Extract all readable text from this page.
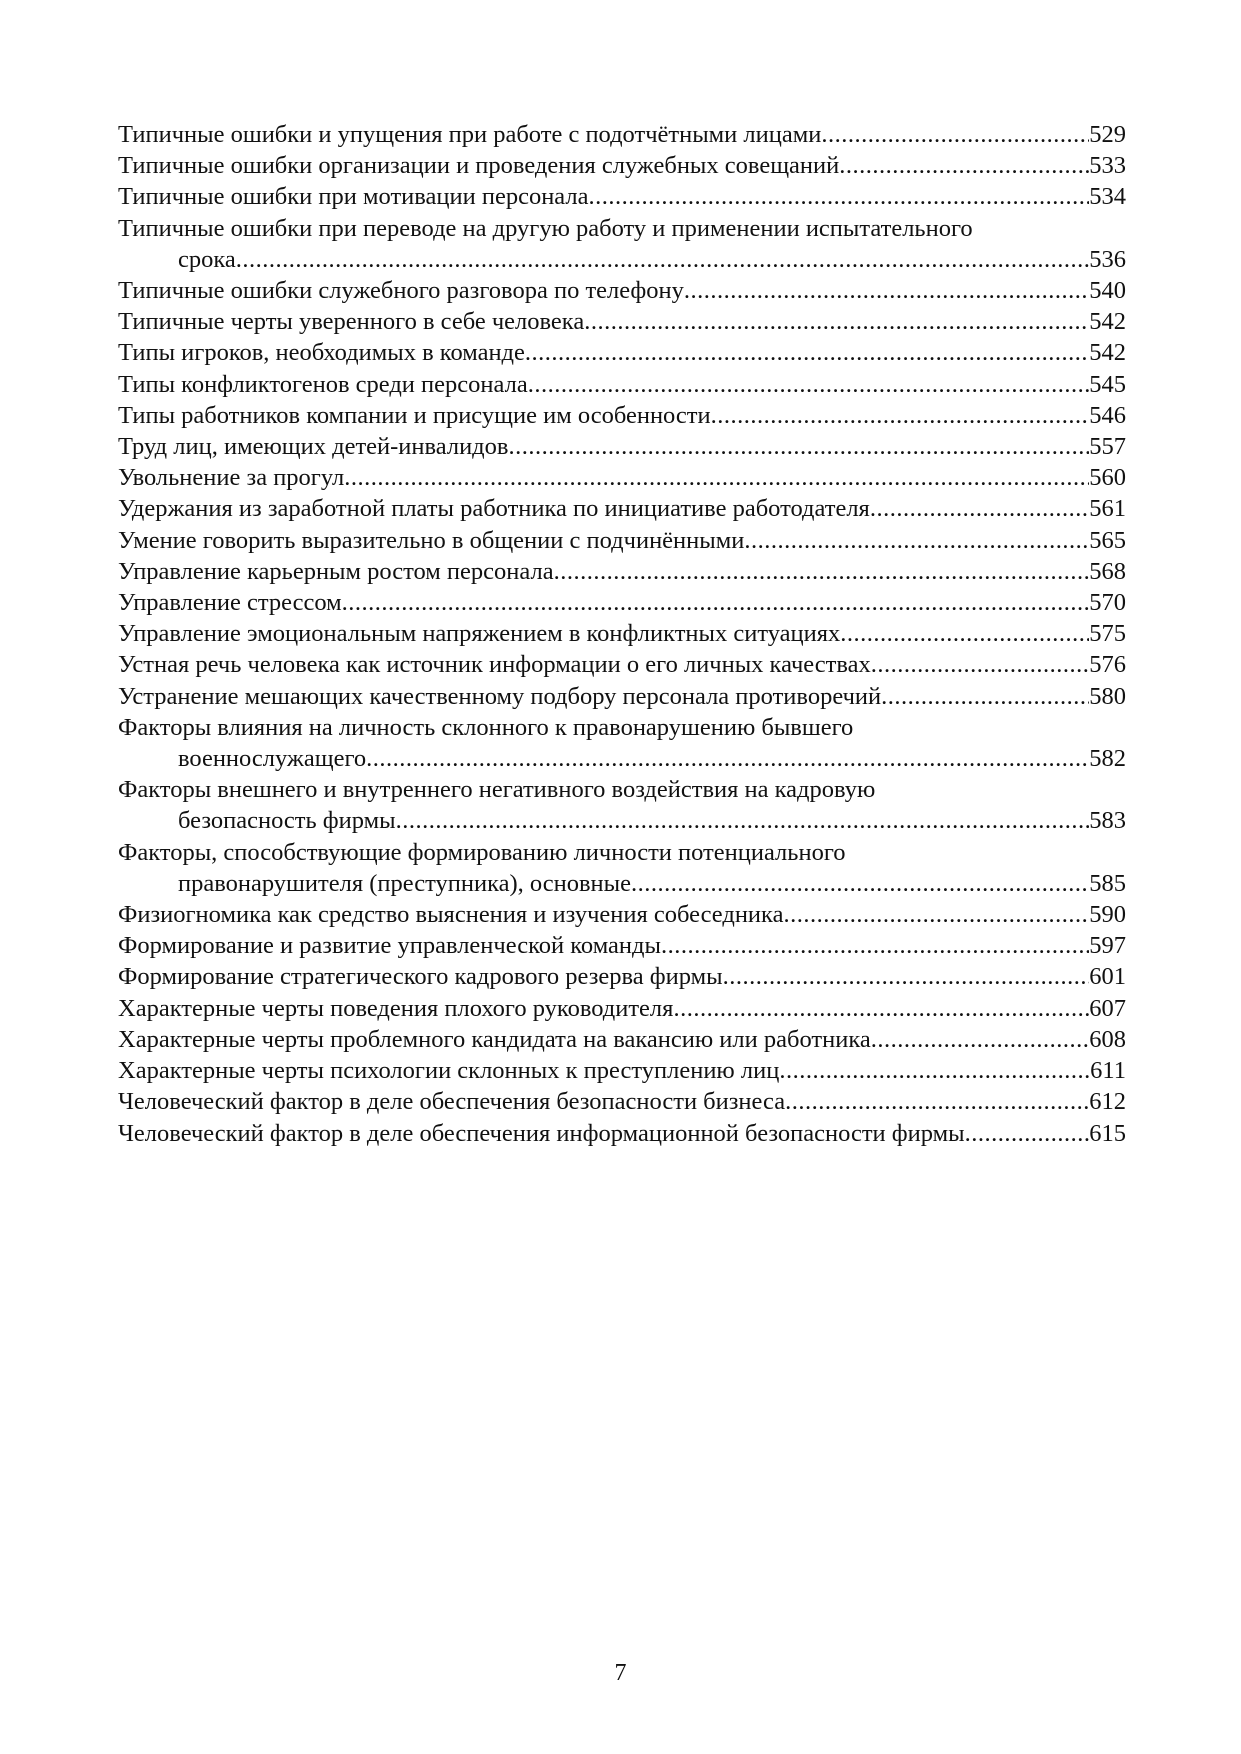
Типичные ошибки и упущения при работе с подотчётными лицами .....	529
Типичные ошибки организации и проведения служебных совещаний .....	533
Типичные ошибки при мотивации персонала .....	534
Типичные ошибки при переводе на другую работу и применении испытательного
срока .....	536
Типичные ошибки служебного разговора по телефону .....	540
Типичные черты уверенного в себе человека .....	542
Типы игроков, необходимых в команде .....	542
Типы конфликтогенов среди персонала .....	545
Типы работников компании и присущие им особенности .....	546
Труд лиц, имеющих детей-инвалидов .....	557
Увольнение за прогул .....	560
Удержания из заработной платы работника по инициативе работодателя .....	561
Умение говорить выразительно в общении с подчинёнными .....	565
Управление карьерным ростом персонала .....	568
Управление стрессом .....	570
Управление эмоциональным напряжением в конфликтных ситуациях .....	575
Устная речь человека как источник информации о его личных качествах .....	576
Устранение мешающих качественному подбору персонала противоречий .....	580
Факторы влияния на личность склонного к правонарушению бывшего
военнослужащего .....	582
Факторы внешнего и внутреннего негативного воздействия на кадровую
безопасность фирмы .....	583
Факторы, способствующие формированию личности потенциального
правонарушителя (преступника), основные .....	585
Физиогномика как средство выяснения и изучения собеседника .....	590
Формирование и развитие управленческой команды .....	597
Формирование стратегического кадрового резерва фирмы .....	601
Характерные черты поведения плохого руководителя .....	607
Характерные черты проблемного кандидата на вакансию или работника .....	608
Характерные черты психологии склонных к преступлению лиц .....	611
Человеческий фактор в деле обеспечения безопасности бизнеса .....	612
Человеческий фактор в деле обеспечения информационной безопасности фирмы .....	615
7
